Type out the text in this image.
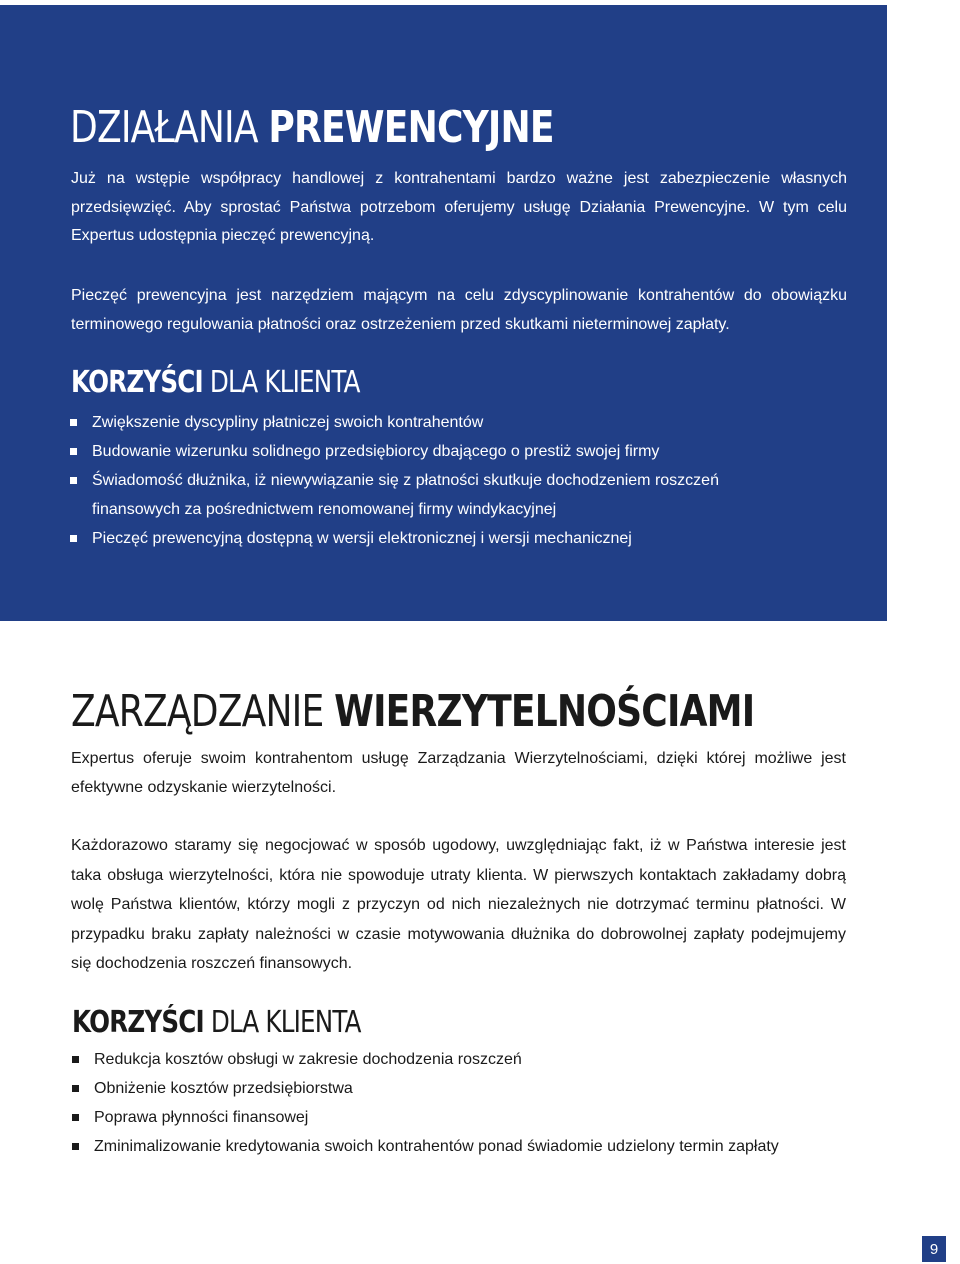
DZIAŁANIA PREWENCYJNE

Już na wstępie współpracy handlowej z kontrahentami bardzo ważne jest zabezpieczenie własnych przedsięwzięć. Aby sprostać Państwa potrzebom oferujemy usługę Działania Prewencyjne. W tym celu Expertus udostępnia pieczęć prewencyjną.

Pieczęć prewencyjna jest narzędziem mającym na celu zdyscyplinowanie kontrahentów do obowiązku terminowego regulowania płatności oraz ostrzeżeniem przed skutkami nieterminowej zapłaty.

KORZYŚCI DLA KLIENTA
Zwiększenie dyscypliny płatniczej swoich kontrahentów
Budowanie wizerunku solidnego przedsiębiorcy dbającego o prestiż swojej firmy
Świadomość dłużnika, iż niewywiązanie się z płatności skutkuje dochodzeniem roszczeń finansowych za pośrednictwem renomowanej firmy windykacyjnej
Pieczęć prewencyjną dostępną w wersji elektronicznej i wersji mechanicznej
ZARZĄDZANIE WIERZYTELNOŚCIAMI

Expertus oferuje swoim kontrahentom usługę Zarządzania Wierzytelnościami, dzięki której możliwe jest efektywne odzyskanie wierzytelności.

Każdorazowo staramy się negocjować w sposób ugodowy, uwzględniając fakt, iż w Państwa interesie jest taka obsługa wierzytelności, która nie spowoduje utraty klienta. W pierwszych kontaktach zakładamy dobrą wolę Państwa klientów, którzy mogli z przyczyn od nich niezależnych nie dotrzymać terminu płatności. W przypadku braku zapłaty należności w czasie motywowania dłużnika do dobrowolnej zapłaty podejmujemy się dochodzenia roszczeń finansowych.

KORZYŚCI DLA KLIENTA
Redukcja kosztów obsługi w zakresie dochodzenia roszczeń
Obniżenie kosztów przedsiębiorstwa
Poprawa płynności finansowej
Zminimalizowanie kredytowania swoich kontrahentów ponad świadomie udzielony termin zapłaty
9
